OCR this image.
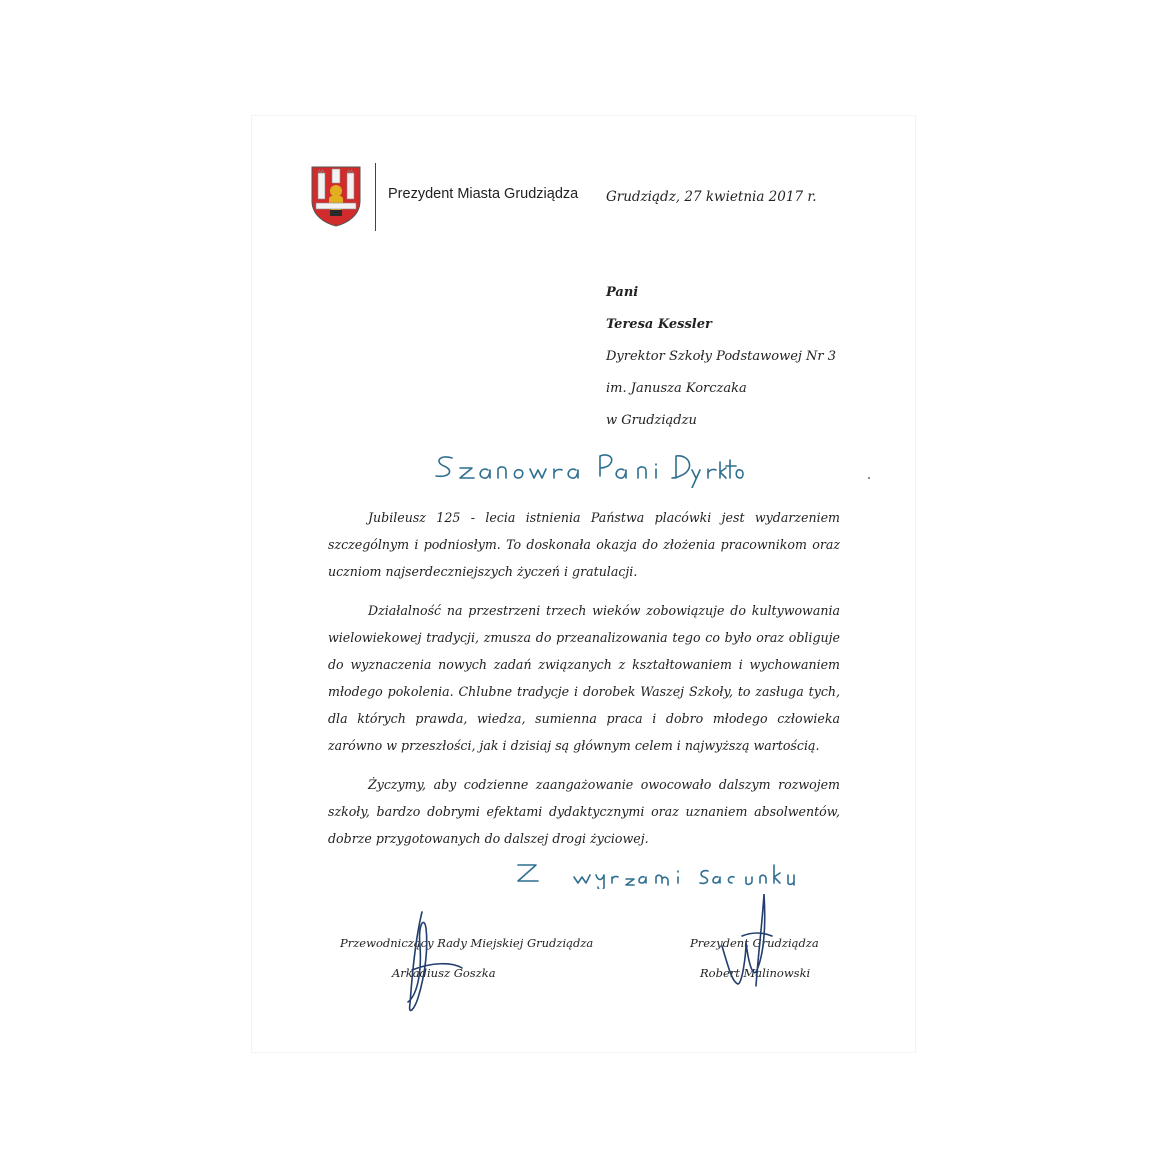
Prezydent Miasta Grudziądza Grudziądz, 27 kwietnia 2017 r.
Pani
Teresa Kessler
Dyrektor Szkoły Podstawowej Nr 3
im. Janusza Korczaka
w Grudziądzu

Jubileusz 125 - lecia istnienia Państwa placówki jest wydarzeniem szczególnym i podniosłym. To doskonała okazja do złożenia pracownikom oraz uczniom najserdeczniejszych życzeń i gratulacji.

Działalność na przestrzeni trzech wieków zobowiązuje do kultywowania wielowiekowej tradycji, zmusza do przeanalizowania tego co było oraz obliguje do wyznaczenia nowych zadań związanych z kształtowaniem i wychowaniem młodego pokolenia. Chlubne tradycje i dorobek Waszej Szkoły, to zasługa tych, dla których prawda, wiedza, sumienna praca i dobro młodego człowieka zarówno w przeszłości, jak i dzisiaj są głównym celem i najwyższą wartością.

Życzymy, aby codzienne zaangażowanie owocowało dalszym rozwojem szkoły, bardzo dobrymi efektami dydaktycznymi oraz uznaniem absolwentów, dobrze przygotowanych do dalszej drogi życiowej.

Przewodniczący Rady Miejskiej Grudziądza
Arkadiusz Goszka
Prezydent Grudziądza
Robert Malinowski
